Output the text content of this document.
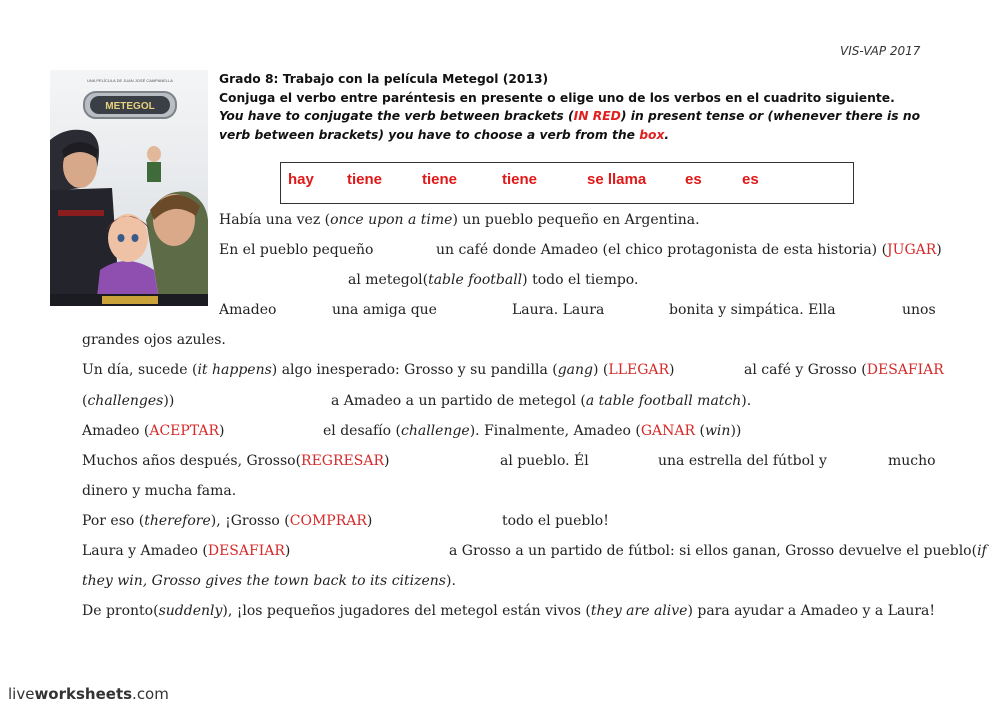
VIS-VAP 2017
METEGOL
UNA PELÍCULA DE JUAN JOSÉ CAMPANELLA	Grado 8: Trabajo con la película Metegol (2013)
Conjuga el verbo entre paréntesis en presente o elige uno de los verbos en el cuadrito siguiente.
You have to conjugate the verb between brackets (IN RED) in present tense or (whenever there is no
verb between brackets) you have to choose a verb from the box.
hay tiene	tiene	tiene	se llama	es	es
Había una vez (once upon a time) un pueblo pequeño en Argentina.
En el pueblo pequeño	un café donde Amadeo (el chico protagonista de esta historia) (JUGAR)
al metegol(table football) todo el tiempo.
Amadeo	una amiga que	Laura. Laura	bonita y simpática. Ella	unos
grandes ojos azules.
Un día, sucede (it happens) algo inesperado: Grosso y su pandilla (gang) (LLEGAR)	al café y Grosso (DESAFIAR
(challenges))	a Amadeo a un partido de metegol (a table football match).
Amadeo (ACEPTAR)	el desafío (challenge). Finalmente, Amadeo (GANAR (win))
Muchos años después, Grosso(REGRESAR)	al pueblo. Él	una estrella del fútbol y	mucho
dinero y mucha fama.
Por eso (therefore), ¡Grosso (COMPRAR)	todo el pueblo!
Laura y Amadeo (DESAFIAR)	a Grosso a un partido de fútbol: si ellos ganan, Grosso devuelve el pueblo(if
they win, Grosso gives the town back to its citizens).
De pronto(suddenly), ¡los pequeños jugadores del metegol están vivos (they are alive) para ayudar a Amadeo y a Laura!
liveworksheets.com
